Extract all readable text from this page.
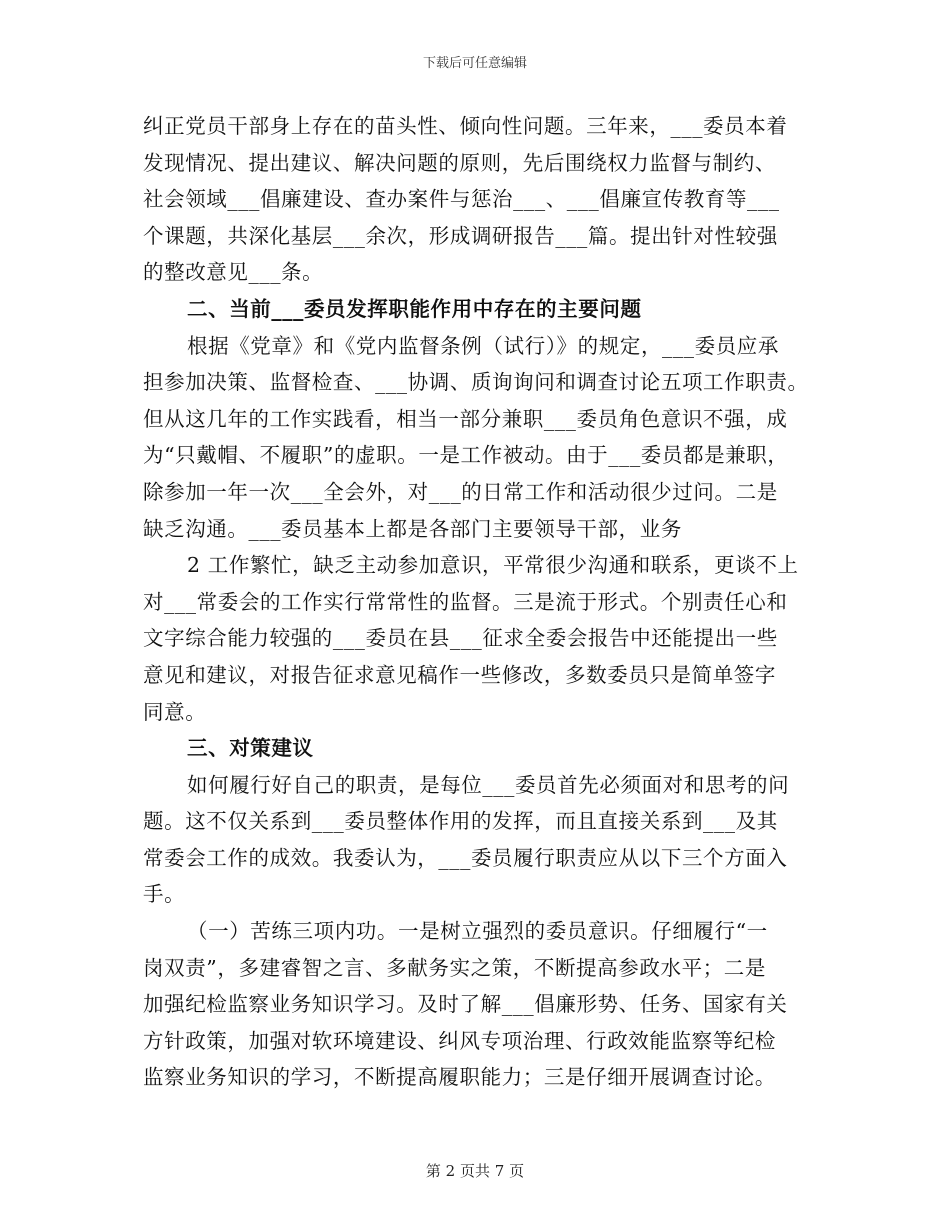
下载后可任意编辑
纠正党员干部身上存在的苗头性、倾向性问题。三年来，___委员本着
发现情况、提出建议、解决问题的原则，先后围绕权力监督与制约、
社会领域___倡廉建设、查办案件与惩治___、___倡廉宣传教育等___
个课题，共深化基层___余次，形成调研报告___篇。提出针对性较强
的整改意见___条。
二、当前___委员发挥职能作用中存在的主要问题
根据《党章》和《党内监督条例（试行）》的规定，___委员应承
担参加决策、监督检查、___协调、质询询问和调查讨论五项工作职责。
但从这几年的工作实践看，相当一部分兼职___委员角色意识不强，成
为“只戴帽、不履职”的虚职。一是工作被动。由于___委员都是兼职，
除参加一年一次___全会外，对___的日常工作和活动很少过问。二是
缺乏沟通。___委员基本上都是各部门主要领导干部，业务
2 工作繁忙，缺乏主动参加意识，平常很少沟通和联系，更谈不上
对___常委会的工作实行常常性的监督。三是流于形式。个别责任心和
文字综合能力较强的___委员在县___征求全委会报告中还能提出一些
意见和建议，对报告征求意见稿作一些修改，多数委员只是简单签字
同意。
三、对策建议
如何履行好自己的职责，是每位___委员首先必须面对和思考的问
题。这不仅关系到___委员整体作用的发挥，而且直接关系到___及其
常委会工作的成效。我委认为，___委员履行职责应从以下三个方面入
手。
（一）苦练三项内功。一是树立强烈的委员意识。仔细履行“一
岗双责”，多建睿智之言、多献务实之策，不断提高参政水平；二是
加强纪检监察业务知识学习。及时了解___倡廉形势、任务、国家有关
方针政策，加强对软环境建设、纠风专项治理、行政效能监察等纪检
监察业务知识的学习，不断提高履职能力；三是仔细开展调查讨论。
第 2 页共 7 页
